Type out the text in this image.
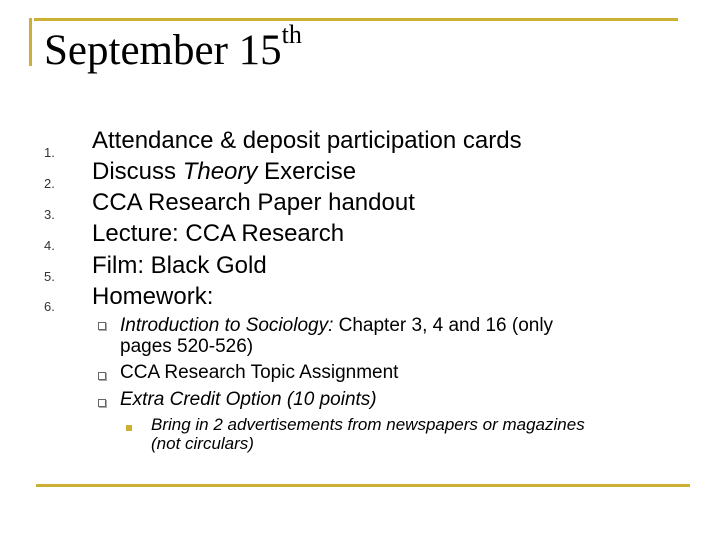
September 15th
1.	Attendance & deposit participation cards
2.	Discuss Theory Exercise
3.	CCA Research Paper handout
4.	Lecture: CCA Research
5.	Film: Black Gold
6.	Homework:
Introduction to Sociology: Chapter 3, 4 and 16 (only
pages 520-526)
CCA Research Topic Assignment
Extra Credit Option (10 points)
Bring in 2 advertisements from newspapers or magazines
(not circulars)
